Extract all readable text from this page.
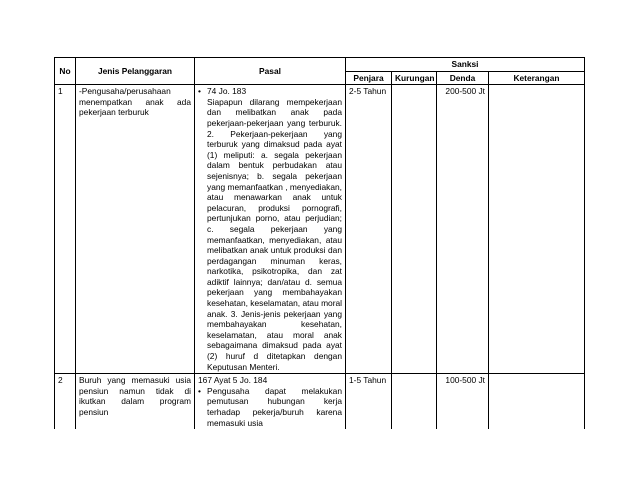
No	Jenis Pelanggaran	Pasal	Sanksi			
			Penjara	Kurungan	Denda	Keterangan
1	-Pengusaha/perusahaan menempatkan anak ada pekerjaan terburuk	• 74 Jo. 183
Siapapun dilarang mempekerjaan dan melibatkan anak pada pekerjaan-pekerjaan yang terburuk. 2. Pekerjaan-pekerjaan yang terburuk yang dimaksud pada ayat (1) meliputi: a. segala pekerjaan dalam bentuk perbudakan atau sejenisnya; b. segala pekerjaan yang memanfaatkan , menyediakan, atau menawarkan anak untuk pelacuran, produksi pornografi, pertunjukan porno, atau perjudian; c. segala pekerjaan yang memanfaatkan, menyediakan, atau melibatkan anak untuk produksi dan perdagangan minuman keras, narkotika, psikotropika, dan zat adiktif lainnya; dan/atau d. semua pekerjaan yang membahayakan kesehatan, keselamatan, atau moral anak. 3. Jenis-jenis pekerjaan yang membahayakan kesehatan, keselamatan, atau moral anak sebagaimana dimaksud pada ayat (2) huruf d ditetapkan dengan Keputusan Menteri.	2-5 Tahun		200-500 Jt	
2	Buruh yang memasuki usia pensiun namun tidak di ikutkan dalam program pensiun	167 Ayat 5 Jo. 184
• Pengusaha dapat melakukan pemutusan hubungan kerja terhadap pekerja/buruh karena memasuki usia	1-5 Tahun		100-500 Jt	
